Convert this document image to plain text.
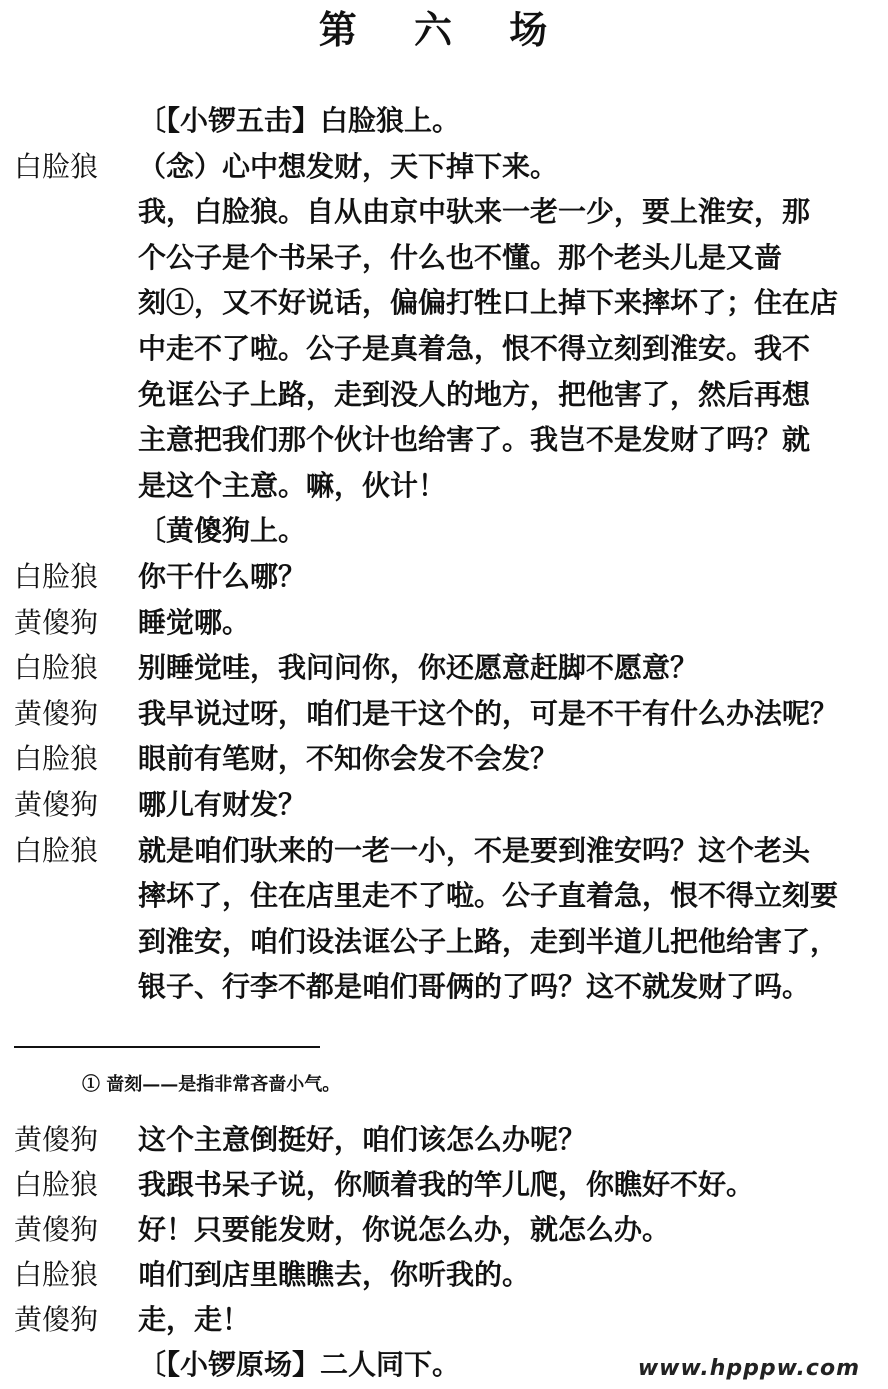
第 六 场
〔【小锣五击】白脸狼上。
白脸狼	（念）心中想发财，天下掉下来。
我，白脸狼。自从由京中驮来一老一少，要上淮安，那
个公子是个书呆子，什么也不懂。那个老头儿是又啬
刻①，又不好说话，偏偏打牲口上掉下来摔坏了；住在店
中走不了啦。公子是真着急，恨不得立刻到淮安。我不
免诓公子上路，走到没人的地方，把他害了，然后再想
主意把我们那个伙计也给害了。我岂不是发财了吗？就
是这个主意。嘛，伙计！
〔黄傻狗上。
白脸狼	你干什么哪？
黄傻狗	睡觉哪。
白脸狼	别睡觉哇，我问问你，你还愿意赶脚不愿意？
黄傻狗	我早说过呀，咱们是干这个的，可是不干有什么办法呢？
白脸狼	眼前有笔财，不知你会发不会发？
黄傻狗	哪儿有财发？
白脸狼	就是咱们驮来的一老一小，不是要到淮安吗？这个老头
摔坏了，住在店里走不了啦。公子直着急，恨不得立刻要
到淮安，咱们设法诓公子上路，走到半道儿把他给害了，
银子、行李不都是咱们哥俩的了吗？这不就发财了吗。
① 啬刻——是指非常吝啬小气。
黄傻狗	这个主意倒挺好，咱们该怎么办呢？
白脸狼	我跟书呆子说，你顺着我的竿儿爬，你瞧好不好。
黄傻狗	好！只要能发财，你说怎么办，就怎么办。
白脸狼	咱们到店里瞧瞧去，你听我的。
黄傻狗	走，走！
〔【小锣原场】二人同下。	www.hpppw.com
